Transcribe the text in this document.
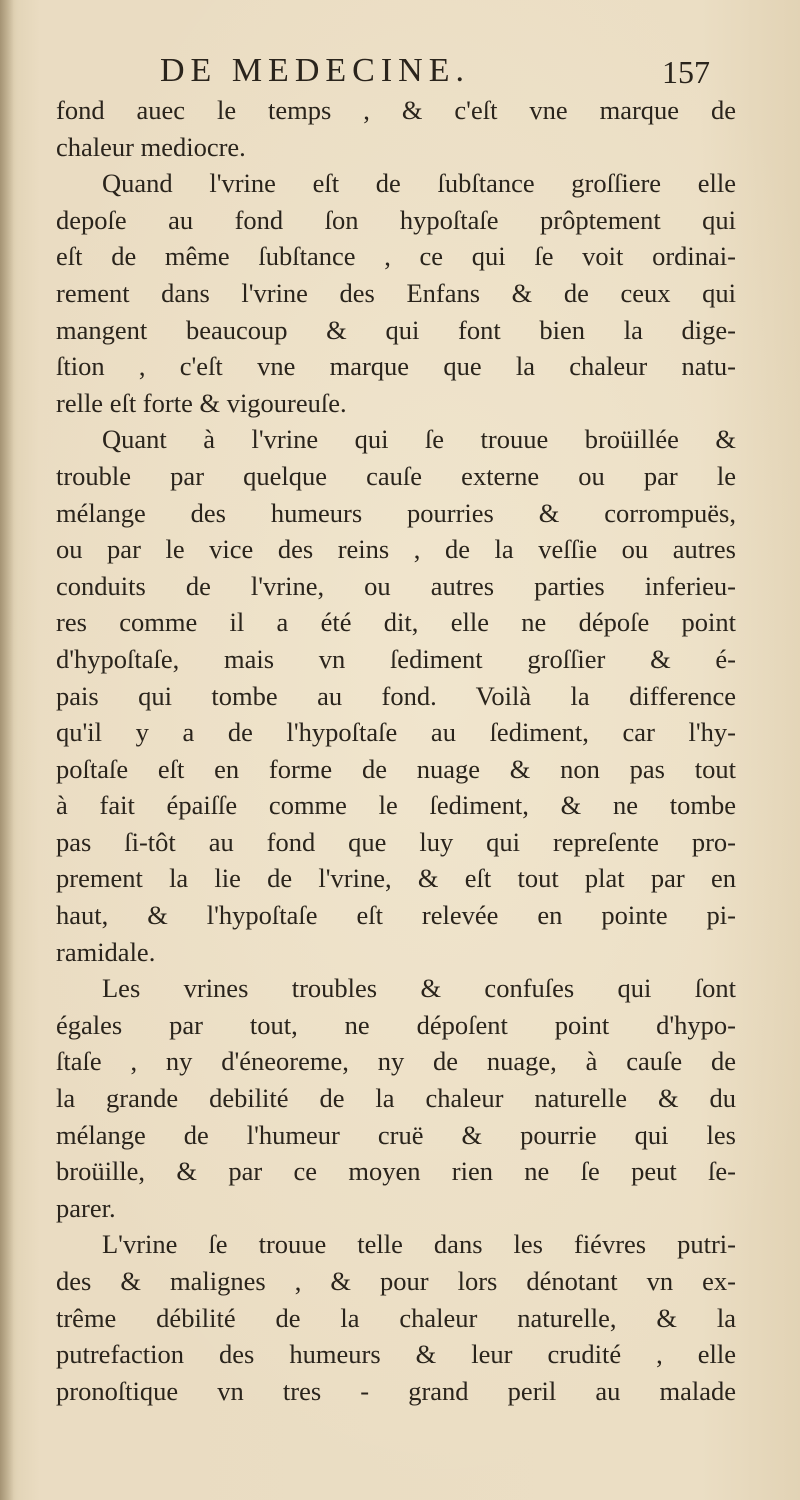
DE MEDECINE.	157
fond auec le temps , & c'eſt vne marque de
chaleur mediocre.
Quand l'vrine eſt de ſubſtance groſſiere elle
depoſe au fond ſon hypoſtaſe prôptement qui
eſt de même ſubſtance , ce qui ſe voit ordinai-
rement dans l'vrine des Enfans & de ceux qui
mangent beaucoup & qui font bien la dige-
ſtion , c'eſt vne marque que la chaleur natu-
relle eſt forte & vigoureuſe.
Quant à l'vrine qui ſe trouue broüillée &
trouble par quelque cauſe externe ou par le
mélange des humeurs pourries & corrompuës,
ou par le vice des reins , de la veſſie ou autres
conduits de l'vrine, ou autres parties inferieu-
res comme il a été dit, elle ne dépoſe point
d'hypoſtaſe, mais vn ſediment groſſier & é-
pais qui tombe au fond. Voilà la difference
qu'il y a de l'hypoſtaſe au ſediment, car l'hy-
poſtaſe eſt en forme de nuage & non pas tout
à fait épaiſſe comme le ſediment, & ne tombe
pas ſi-tôt au fond que luy qui repreſente pro-
prement la lie de l'vrine, & eſt tout plat par en
haut, & l'hypoſtaſe eſt relevée en pointe pi-
ramidale.
Les vrines troubles & confuſes qui ſont
égales par tout, ne dépoſent point d'hypo-
ſtaſe , ny d'éneoreme, ny de nuage, à cauſe de
la grande debilité de la chaleur naturelle & du
mélange de l'humeur cruë & pourrie qui les
broüille, & par ce moyen rien ne ſe peut ſe-
parer.
L'vrine ſe trouue telle dans les fiévres putri-
des & malignes , & pour lors dénotant vn ex-
trême débilité de la chaleur naturelle, & la
putrefaction des humeurs & leur crudité , elle
pronoſtique vn tres - grand peril au malade
